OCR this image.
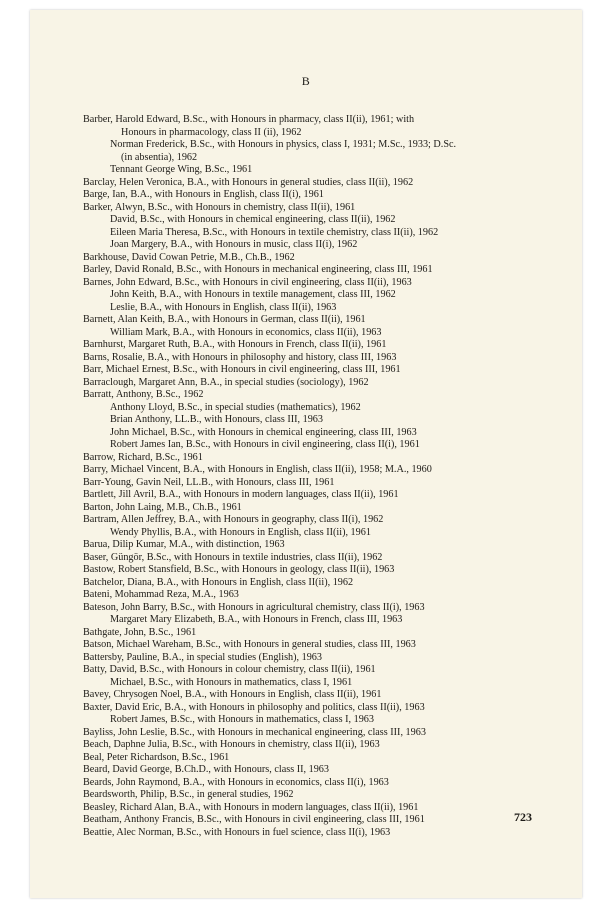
B
Barber, Harold Edward, B.Sc., with Honours in pharmacy, class II(ii), 1961; with
Honours in pharmacology, class II (ii), 1962
Norman Frederick, B.Sc., with Honours in physics, class I, 1931; M.Sc., 1933; D.Sc.
(in absentia), 1962
Tennant George Wing, B.Sc., 1961
Barclay, Helen Veronica, B.A., with Honours in general studies, class II(ii), 1962
Barge, Ian, B.A., with Honours in English, class II(i), 1961
Barker, Alwyn, B.Sc., with Honours in chemistry, class II(ii), 1961
David, B.Sc., with Honours in chemical engineering, class II(ii), 1962
Eileen Maria Theresa, B.Sc., with Honours in textile chemistry, class II(ii), 1962
Joan Margery, B.A., with Honours in music, class II(i), 1962
Barkhouse, David Cowan Petrie, M.B., Ch.B., 1962
Barley, David Ronald, B.Sc., with Honours in mechanical engineering, class III, 1961
Barnes, John Edward, B.Sc., with Honours in civil engineering, class II(ii), 1963
John Keith, B.A., with Honours in textile management, class III, 1962
Leslie, B.A., with Honours in English, class II(ii), 1963
Barnett, Alan Keith, B.A., with Honours in German, class II(ii), 1961
William Mark, B.A., with Honours in economics, class II(ii), 1963
Barnhurst, Margaret Ruth, B.A., with Honours in French, class II(ii), 1961
Barns, Rosalie, B.A., with Honours in philosophy and history, class III, 1963
Barr, Michael Ernest, B.Sc., with Honours in civil engineering, class III, 1961
Barraclough, Margaret Ann, B.A., in special studies (sociology), 1962
Barratt, Anthony, B.Sc., 1962
Anthony Lloyd, B.Sc., in special studies (mathematics), 1962
Brian Anthony, LL.B., with Honours, class III, 1963
John Michael, B.Sc., with Honours in chemical engineering, class III, 1963
Robert James Ian, B.Sc., with Honours in civil engineering, class II(i), 1961
Barrow, Richard, B.Sc., 1961
Barry, Michael Vincent, B.A., with Honours in English, class II(ii), 1958; M.A., 1960
Barr-Young, Gavin Neil, LL.B., with Honours, class III, 1961
Bartlett, Jill Avril, B.A., with Honours in modern languages, class II(ii), 1961
Barton, John Laing, M.B., Ch.B., 1961
Bartram, Allen Jeffrey, B.A., with Honours in geography, class II(i), 1962
Wendy Phyllis, B.A., with Honours in English, class II(ii), 1961
Barua, Dilip Kumar, M.A., with distinction, 1963
Baser, Güngör, B.Sc., with Honours in textile industries, class II(ii), 1962
Bastow, Robert Stansfield, B.Sc., with Honours in geology, class II(ii), 1963
Batchelor, Diana, B.A., with Honours in English, class II(ii), 1962
Bateni, Mohammad Reza, M.A., 1963
Bateson, John Barry, B.Sc., with Honours in agricultural chemistry, class II(i), 1963
Margaret Mary Elizabeth, B.A., with Honours in French, class III, 1963
Bathgate, John, B.Sc., 1961
Batson, Michael Wareham, B.Sc., with Honours in general studies, class III, 1963
Battersby, Pauline, B.A., in special studies (English), 1963
Batty, David, B.Sc., with Honours in colour chemistry, class II(ii), 1961
Michael, B.Sc., with Honours in mathematics, class I, 1961
Bavey, Chrysogen Noel, B.A., with Honours in English, class II(ii), 1961
Baxter, David Eric, B.A., with Honours in philosophy and politics, class II(ii), 1963
Robert James, B.Sc., with Honours in mathematics, class I, 1963
Bayliss, John Leslie, B.Sc., with Honours in mechanical engineering, class III, 1963
Beach, Daphne Julia, B.Sc., with Honours in chemistry, class II(ii), 1963
Beal, Peter Richardson, B.Sc., 1961
Beard, David George, B.Ch.D., with Honours, class II, 1963
Beards, John Raymond, B.A., with Honours in economics, class II(i), 1963
Beardsworth, Philip, B.Sc., in general studies, 1962
Beasley, Richard Alan, B.A., with Honours in modern languages, class II(ii), 1961
Beatham, Anthony Francis, B.Sc., with Honours in civil engineering, class III, 1961
Beattie, Alec Norman, B.Sc., with Honours in fuel science, class II(i), 1963
723
